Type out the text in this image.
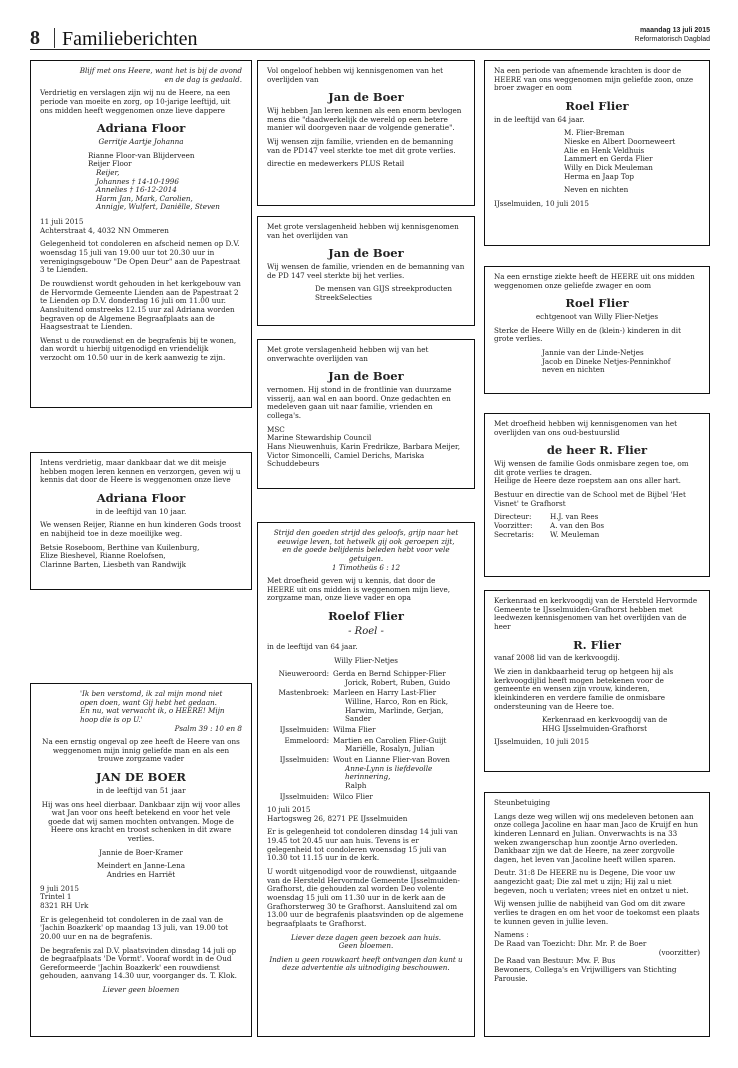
8 Familieberichten	maandag 13 juli 2015
Reformatorisch Dagblad
Blijf met ons Heere, want het is bij de avond

en de dag is gedaald.

Verdrietig en verslagen zijn wij nu de Heere, na een periode van moeite en zorg, op 10-jarige leeftijd, uit ons midden heeft weggenomen onze lieve dappere

Adriana Floor

Gerritje Aartje Johanna

Rianne Floor-van Blijderveen
Reijer Floor
Reijer,
Johannes † 14-10-1996
Annelies † 16-12-2014
Harm Jan, Mark, Carolien,
Annigje, Wulfert, Daniëlle, Steven
11 juli 2015

Achterstraat 4, 4032 NN Ommeren

Gelegenheid tot condoleren en afscheid nemen op D.V. woensdag 15 juli van 19.00 uur tot 20.30 uur in verenigingsgebouw "De Open Deur" aan de Papestraat 3 te Lienden.

De rouwdienst wordt gehouden in het kerkgebouw van de Hervormde Gemeente Lienden aan de Papestraat 2 te Lienden op D.V. donderdag 16 juli om 11.00 uur. Aansluitend omstreeks 12.15 uur zal Adriana worden begraven op de Algemene Begraafplaats aan de Haagsestraat te Lienden.

Wenst u de rouwdienst en de begrafenis bij te wonen, dan wordt u hierbij uitgenodigd en vriendelijk verzocht om 10.50 uur in de kerk aanwezig te zijn.

Intens verdrietig, maar dankbaar dat we dit meisje hebben mogen leren kennen en verzorgen, geven wij u kennis dat door de Heere is weggenomen onze lieve

Adriana Floor

in de leeftijd van 10 jaar.

We wensen Reijer, Rianne en hun kinderen Gods troost en nabijheid toe in deze moeilijke weg.

Betsie Roseboom, Berthine van Kuilenburg,
Elize Bieshevel, Rianne Roelofsen,
Clarinne Barten, Liesbeth van Randwijk
'Ik ben verstomd, ik zal mijn mond niet
open doen, want Gij hebt het gedaan.
En nu, wat verwacht ik, o HEERE! Mijn
hoop die is op U.'

Psalm 39 : 10 en 8

Na een ernstig ongeval op zee heeft de Heere van ons weggenomen mijn innig geliefde man en als een trouwe zorgzame vader

JAN DE BOER

in de leeftijd van 51 jaar

Hij was ons heel dierbaar. Dankbaar zijn wij voor alles wat Jan voor ons heeft betekend en voor het vele goede dat wij samen mochten ontvangen. Moge de Heere ons kracht en troost schenken in dit zware verlies.

Jannie de Boer-Kramer

Meindert en Janne-Lena

Andries en Harriët

9 juli 2015
Trintel 1

8321 RH Urk

Er is gelegenheid tot condoleren in de zaal van de 'Jachin Boazkerk' op maandag 13 juli, van 19.00 tot 20.00 uur en na de begrafenis.

De begrafenis zal D.V. plaatsvinden dinsdag 14 juli op de begraafplaats 'De Vormt'. Vooraf wordt in de Oud Gereformeerde 'Jachin Boazkerk' een rouwdienst gehouden, aanvang 14.30 uur, voorganger ds. T. Klok.

Liever geen bloemen

Vol ongeloof hebben wij kennisgenomen van het overlijden van

Jan de Boer

Wij hebben Jan leren kennen als een enorm bevlogen mens die "daadwerkelijk de wereld op een betere manier wil doorgeven naar de volgende generatie".

Wij wensen zijn familie, vrienden en de bemanning van de PD147 veel sterkte toe met dit grote verlies.

directie en medewerkers PLUS Retail

Met grote verslagenheid hebben wij kennisgenomen van het overlijden van

Jan de Boer

Wij wensen de familie, vrienden en de bemanning van de PD 147 veel sterkte bij het verlies.

De mensen van GIJS streekproducten
StreekSelecties

Met grote verslagenheid hebben wij van het onverwachte overlijden van

Jan de Boer

vernomen. Hij stond in de frontlinie van duurzame visserij, aan wal en aan boord. Onze gedachten en medeleven gaan uit naar familie, vrienden en collega's.

MSC
Marine Stewardship Council
Hans Nieuwenhuis, Karin Fredrikze, Barbara Meijer, Victor Simoncelli, Camiel Derichs, Mariska Schuddebeurs
Strijd den goeden strijd des geloofs, grijp naar het
eeuwige leven, tot hetwelk gij ook geroepen zijt,
en de goede belijdenis beleden hebt voor vele
getuigen.

1 Timotheüs 6 : 12

Met droefheid geven wij u kennis, dat door de HEERE uit ons midden is weggenomen mijn lieve, zorgzame man, onze lieve vader en opa

Roelof Flier

- Roel -

in de leeftijd van 64 jaar.

Willy Flier-Netjes

Nieuweroord: Gerda en Bernd Schipper-Flier
Jorick, Robert, Ruben, Guido
Mastenbroek: Marleen en Harry Last-Flier
Willine, Harco, Ron en Rick,
Harwim, Marlinde, Gerjan,
Sander
IJsselmuiden: Wilma Flier
Emmeloord: Martien en Carolien Flier-Guijt
Mariëlle, Rosalyn, Julian
IJsselmuiden: Wout en Lianne Flier-van Boven
Anne-Lynn is liefdevolle herinnering,
Ralph
IJsselmuiden: Wilco Flier
10 juli 2015

Hartogsweg 26, 8271 PE IJsselmuiden

Er is gelegenheid tot condoleren dinsdag 14 juli van 19.45 tot 20.45 uur aan huis. Tevens is er gelegenheid tot condoleren woensdag 15 juli van 10.30 tot 11.15 uur in de kerk.

U wordt uitgenodigd voor de rouwdienst, uitgaande van de Hersteld Hervormde Gemeente IJsselmuiden-Grafhorst, die gehouden zal worden Deo volente woensdag 15 juli om 11.30 uur in de kerk aan de Grafhorsterweg 30 te Grafhorst. Aansluitend zal om 13.00 uur de begrafenis plaatsvinden op de algemene begraafplaats te Grafhorst.

Liever deze dagen geen bezoek aan huis.

Geen bloemen.

Indien u geen rouwkaart heeft ontvangen dan kunt u deze advertentie als uitnodiging beschouwen.

Na een periode van afnemende krachten is door de HEERE van ons weggenomen mijn geliefde zoon, onze broer zwager en oom

Roel Flier

in de leeftijd van 64 jaar.

M. Flier-Breman
Nieske en Albert Doorneweert
Alie en Henk Veldhuis
Lammert en Gerda Flier
Willy en Dick Meuleman

Herma en Jaap Top

Neven en nichten

IJsselmuiden, 10 juli 2015

Na een ernstige ziekte heeft de HEERE uit ons midden weggenomen onze geliefde zwager en oom

Roel Flier

echtgenoot van Willy Flier-Netjes

Sterke de Heere Willy en de (klein-) kinderen in dit grote verlies.

Jannie van der Linde-Netjes
Jacob en Dineke Netjes-Penninkhof
neven en nichten

Met droefheid hebben wij kennisgenomen van het overlijden van ons oud-bestuurslid

de heer R. Flier
Wij wensen de familie Gods onmisbare zegen toe, om dit grote verlies te dragen.

Heilige de Heere deze roepstem aan ons aller hart.

Bestuur en directie van de School met de Bijbel 'Het Visnet' te Grafhorst

Directeur:	H.J. van Rees
Voorzitter:	A. van den Bos
Secretaris:	W. Meuleman

Kerkenraad en kerkvoogdij van de Hersteld Hervormde Gemeente te IJsselmuiden-Grafhorst hebben met leedwezen kennisgenomen van het overlijden van de heer

R. Flier

vanaf 2008 lid van de kerkvoogdij.

We zien in dankbaarheid terug op hetgeen hij als kerkvoogdijlid heeft mogen betekenen voor de gemeente en wensen zijn vrouw, kinderen, kleinkinderen en verdere familie de onmisbare ondersteuning van de Heere toe.

Kerkenraad en kerkvoogdij van de

HHG IJsselmuiden-Grafhorst

IJsselmuiden, 10 juli 2015

Steunbetuiging

Langs deze weg willen wij ons medeleven betonen aan onze collega Jacoline en haar man Jaco de Kruijf en hun kinderen Lennard en Julian. Onverwachts is na 33 weken zwangerschap hun zoontje Arno overleden. Dankbaar zijn we dat de Heere, na zeer zorgvolle dagen, het leven van Jacoline heeft willen sparen.

Deutr. 31:8 De HEERE nu is Degene, Die voor uw aangezicht gaat; Die zal met u zijn; Hij zal u niet begeven, noch u verlaten; vrees niet en ontzet u niet.

Wij wensen jullie de nabijheid van God om dit zware verlies te dragen en om het voor de toekomst een plaats te kunnen geven in jullie leven.

Namens :
De Raad van Toezicht: Dhr. Mr. P. de Boer
(voorzitter)
De Raad van Bestuur: Mw. F. Bus
Bewoners, Collega's en Vrijwilligers van Stichting Parousie.
